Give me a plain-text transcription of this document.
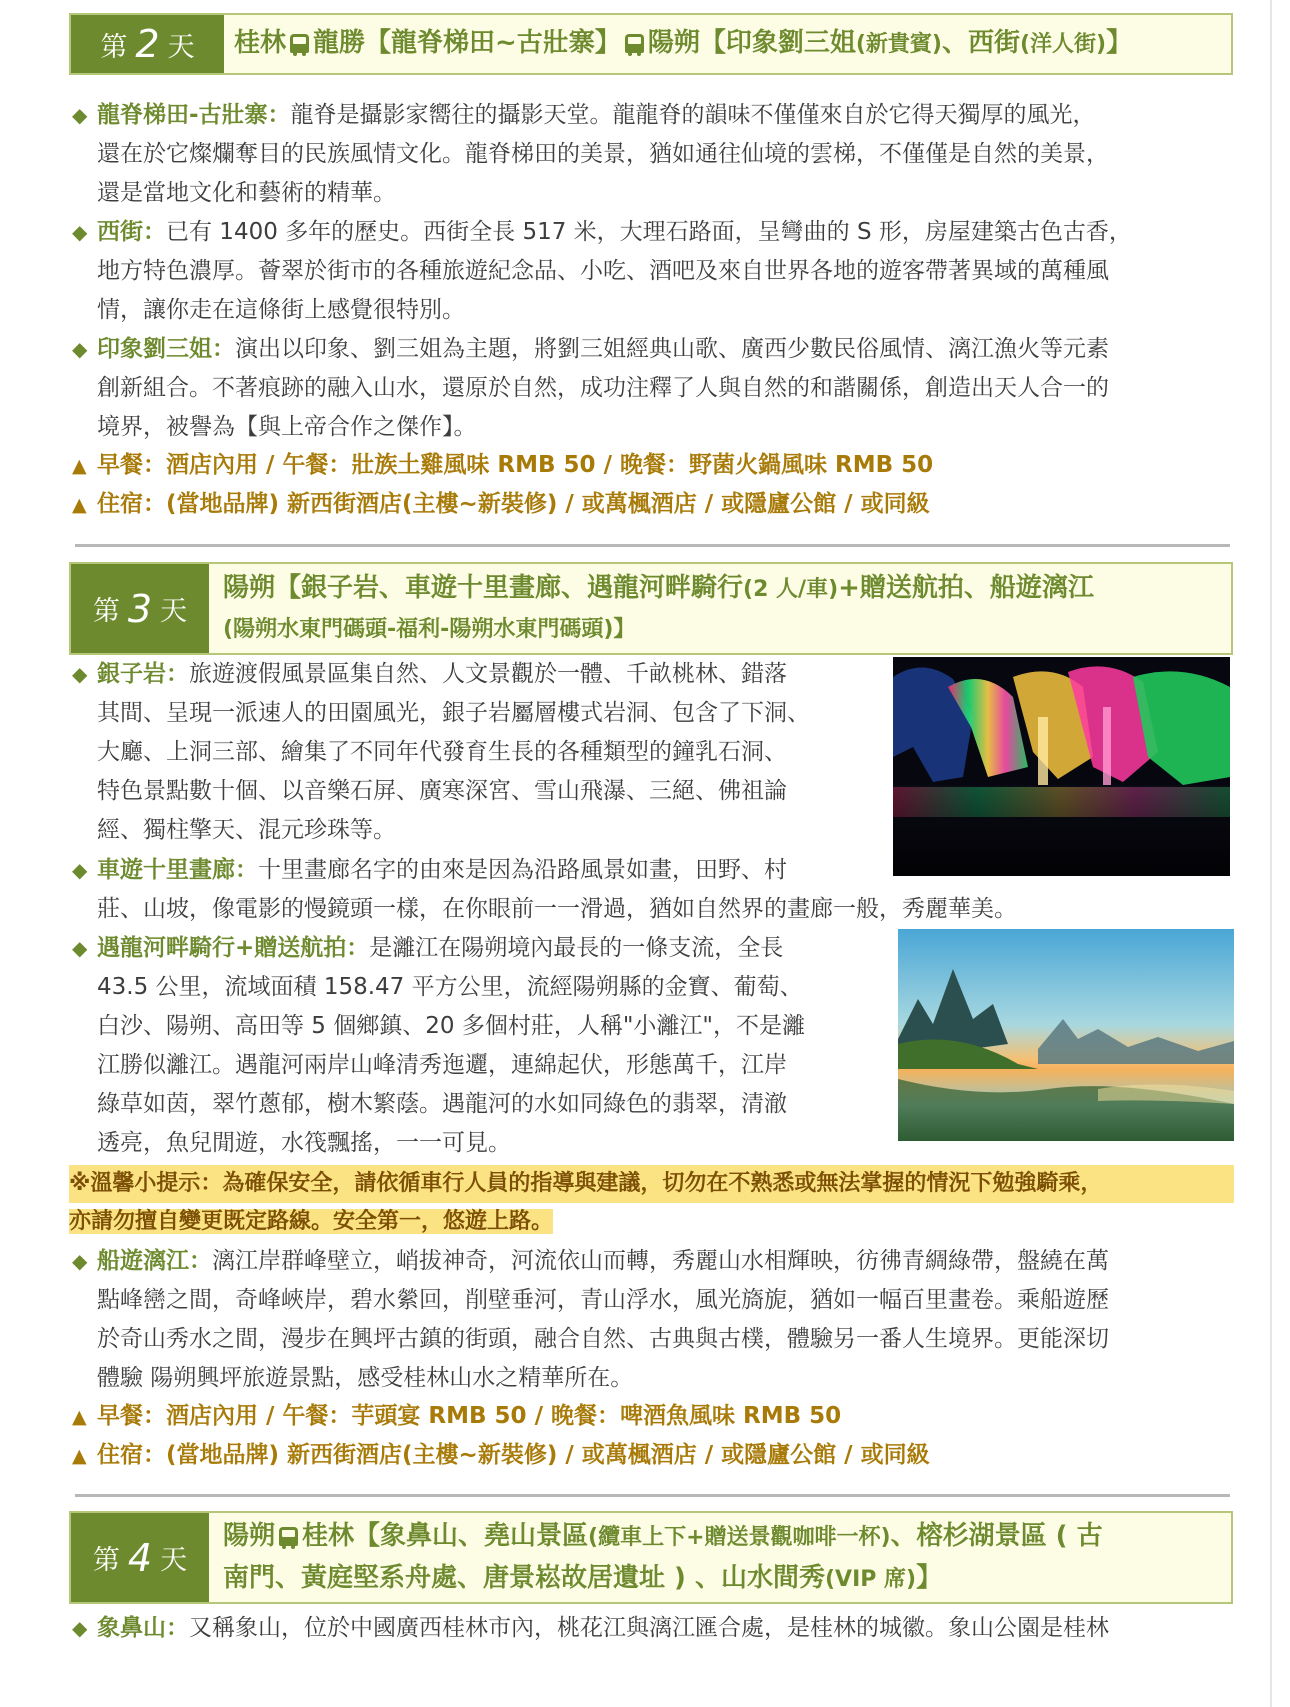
第 2 天 桂林 龍勝【龍脊梯田~古壯寨】 陽朔【印象劉三姐(新貴賓)、西街(洋人街)】
◆ 龍脊梯田-古壯寨：龍脊是攝影家嚮往的攝影天堂。龍龍脊的韻味不僅僅來自於它得天獨厚的風光，
還在於它燦爛奪目的民族風情文化。龍脊梯田的美景，猶如通往仙境的雲梯，不僅僅是自然的美景，
還是當地文化和藝術的精華。
◆ 西街：已有 1400 多年的歷史。西街全長 517 米，大理石路面，呈彎曲的 S 形，房屋建築古色古香，
地方特色濃厚。薈翠於街市的各種旅遊紀念品、小吃、酒吧及來自世界各地的遊客帶著異域的萬種風
情，讓你走在這條街上感覺很特別。
◆ 印象劉三姐：演出以印象、劉三姐為主題，將劉三姐經典山歌、廣西少數民俗風情、漓江漁火等元素
創新組合。不著痕跡的融入山水，還原於自然，成功注釋了人與自然的和諧關係，創造出天人合一的
境界，被譽為【與上帝合作之傑作】。
▲ 早餐：酒店內用 / 午餐：壯族土雞風味 RMB 50 / 晚餐：野菌火鍋風味 RMB 50
▲ 住宿：(當地品牌) 新西街酒店(主樓~新裝修) / 或萬楓酒店 / 或隱廬公館 / 或同級
第 3 天
陽朔【銀子岩、車遊十里畫廊、遇龍河畔騎行(2 人/車)+贈送航拍、船遊漓江
(陽朔水東門碼頭-福利-陽朔水東門碼頭)】
◆ 銀子岩：旅遊渡假風景區集自然、人文景觀於一體、千畝桃林、錯落
其間、呈現一派速人的田園風光，銀子岩屬層樓式岩洞、包含了下洞、
大廳、上洞三部、繪集了不同年代發育生長的各種類型的鐘乳石洞、
特色景點數十個、以音樂石屏、廣寒深宮、雪山飛瀑、三絕、佛祖論
經、獨柱擎天、混元珍珠等。
◆ 車遊十里畫廊：十里畫廊名字的由來是因為沿路風景如畫，田野、村
莊、山坡，像電影的慢鏡頭一樣，在你眼前一一滑過，猶如自然界的畫廊一般，秀麗華美。
◆ 遇龍河畔騎行+贈送航拍：是灕江在陽朔境內最長的一條支流，全長
43.5 公里，流域面積 158.47 平方公里，流經陽朔縣的金寶、葡萄、
白沙、陽朔、高田等 5 個鄉鎮、20 多個村莊，人稱"小灕江"，不是灕
江勝似灕江。遇龍河兩岸山峰清秀迤邐，連綿起伏，形態萬千，江岸
綠草如茵，翠竹蔥郁，樹木繁蔭。遇龍河的水如同綠色的翡翠，清澈
透亮，魚兒閒遊，水筏飄搖，一一可見。
※溫馨小提示：為確保安全，請依循車行人員的指導與建議，切勿在不熟悉或無法掌握的情況下勉強騎乘，
亦請勿擅自變更既定路線。安全第一，悠遊上路。
◆ 船遊漓江：漓江岸群峰壁立，峭拔神奇，河流依山而轉，秀麗山水相輝映，彷彿青綢綠帶，盤繞在萬
點峰巒之間，奇峰峽岸，碧水縈回，削壁垂河，青山浮水，風光旖旎，猶如一幅百里畫卷。乘船遊歷
於奇山秀水之間，漫步在興坪古鎮的街頭，融合自然、古典與古樸，體驗另一番人生境界。更能深切
體驗 陽朔興坪旅遊景點，感受桂林山水之精華所在。
▲ 早餐：酒店內用 / 午餐：芋頭宴 RMB 50 / 晚餐：啤酒魚風味 RMB 50
▲ 住宿：(當地品牌) 新西街酒店(主樓~新裝修) / 或萬楓酒店 / 或隱廬公館 / 或同級
第 4 天
陽朔 桂林【象鼻山、堯山景區(纜車上下+贈送景觀咖啡一杯)、榕杉湖景區 ( 古
南門、黃庭堅系舟處、唐景崧故居遺址 ) 、山水間秀(VIP 席)】
◆ 象鼻山：又稱象山，位於中國廣西桂林市內，桃花江與漓江匯合處，是桂林的城徽。象山公園是桂林
